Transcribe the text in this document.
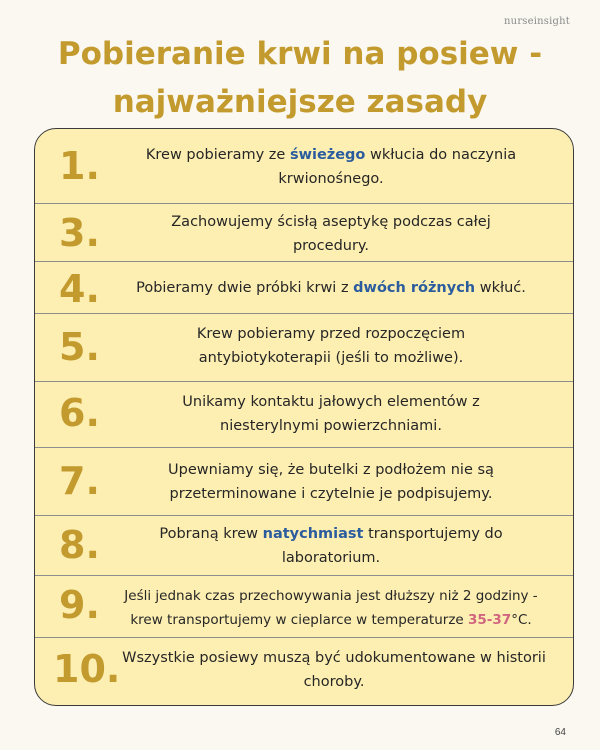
nurseinsight
Pobieranie krwi na posiew -
najważniejsze zasady
1.	Krew pobieramy ze świeżego wkłucia do naczynia
krwionośnego.
3.	Zachowujemy ścisłą aseptykę podczas całej
procedury.
4.	Pobieramy dwie próbki krwi z dwóch różnych wkłuć.
5.	Krew pobieramy przed rozpoczęciem
antybiotykoterapii (jeśli to możliwe).
6.	Unikamy kontaktu jałowych elementów z
niesterylnymi powierzchniami.
7.	Upewniamy się, że butelki z podłożem nie są
przeterminowane i czytelnie je podpisujemy.
8.	Pobraną krew natychmiast transportujemy do
laboratorium.
9.	Jeśli jednak czas przechowywania jest dłuższy niż 2 godziny -
krew transportujemy w cieplarce w temperaturze 35-37°C.
10. Wszystkie posiewy muszą być udokumentowane w historii
choroby.
64
